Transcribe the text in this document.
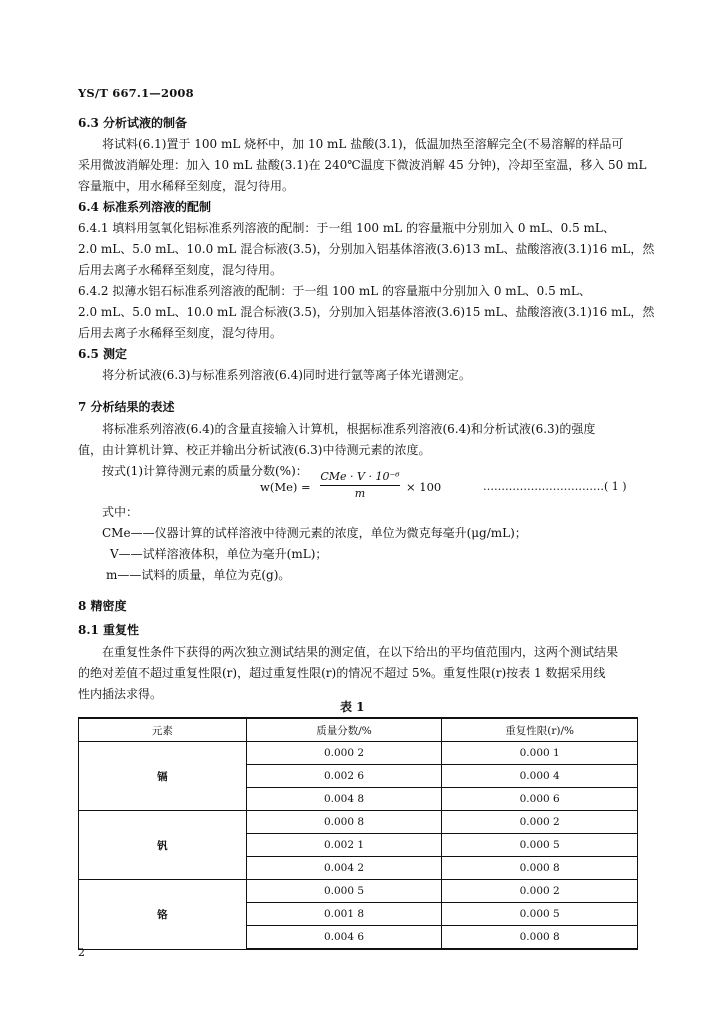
YS/T 667.1—2008
6.3 分析试液的制备
将试料(6.1)置于 100 mL 烧杯中，加 10 mL 盐酸(3.1)，低温加热至溶解完全(不易溶解的样品可
采用微波消解处理：加入 10 mL 盐酸(3.1)在 240℃温度下微波消解 45 分钟)，冷却至室温，移入 50 mL
容量瓶中，用水稀释至刻度，混匀待用。
6.4 标准系列溶液的配制
6.4.1 填料用氢氧化铝标准系列溶液的配制：于一组 100 mL 的容量瓶中分别加入 0 mL、0.5 mL、
2.0 mL、5.0 mL、10.0 mL 混合标液(3.5)，分别加入铝基体溶液(3.6)13 mL、盐酸溶液(3.1)16 mL，然
后用去离子水稀释至刻度，混匀待用。
6.4.2 拟薄水铝石标准系列溶液的配制：于一组 100 mL 的容量瓶中分别加入 0 mL、0.5 mL、
2.0 mL、5.0 mL、10.0 mL 混合标液(3.5)，分别加入铝基体溶液(3.6)15 mL、盐酸溶液(3.1)16 mL，然
后用去离子水稀释至刻度，混匀待用。
6.5 测定
将分析试液(6.3)与标准系列溶液(6.4)同时进行氩等离子体光谱测定。
7 分析结果的表述
将标准系列溶液(6.4)的含量直接输入计算机，根据标准系列溶液(6.4)和分析试液(6.3)的强度
值，由计算机计算、校正并输出分析试液(6.3)中待测元素的浓度。
按式(1)计算待测元素的质量分数(%)：
w(Me) =
CMe · V · 10⁻⁶
m	× 100	……………………………( 1 )
式中：
CMe——仪器计算的试样溶液中待测元素的浓度，单位为微克每毫升(μg/mL)；
V——试样溶液体积，单位为毫升(mL)；
m——试料的质量，单位为克(g)。
8 精密度
8.1 重复性
在重复性条件下获得的两次独立测试结果的测定值，在以下给出的平均值范围内，这两个测试结果
的绝对差值不超过重复性限(r)，超过重复性限(r)的情况不超过 5%。重复性限(r)按表 1 数据采用线
性内插法求得。
表 1
元素	质量分数/%	重复性限(r)/%
镉	0.000 2	0.000 1
	0.002 6	0.000 4
	0.004 8	0.000 6
钒	0.000 8	0.000 2
	0.002 1	0.000 5
	0.004 2	0.000 8
铬	0.000 5	0.000 2
	0.001 8	0.000 5
	0.004 6	0.000 8
2
